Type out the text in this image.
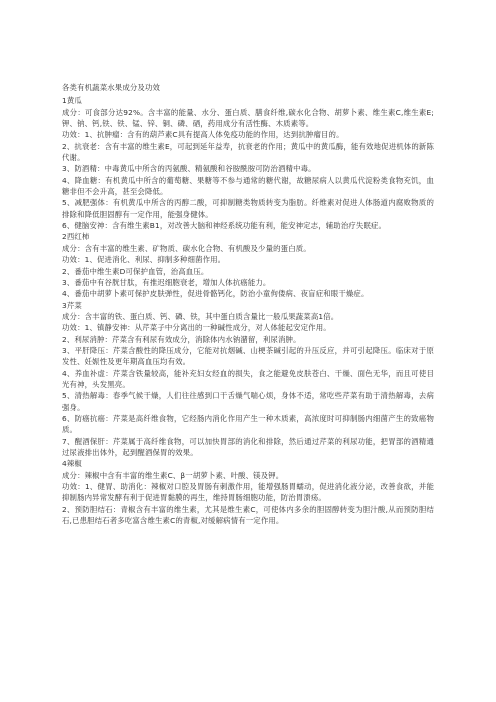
各类有机蔬菜水果成分及功效
1黄瓜
成分：可食部分达92%。含丰富的能量、水分、蛋白质、膳食纤维,碳水化合物、胡萝卜素、维生素C,维生素E;钾、钠、钙,铁、铁、锰、锌、铜、磷、硒，药用成分有活性酶、木质素等。
功效：1、抗肿瘤：含有的葫芦素C具有提高人体免疫功能的作用，达到抗肿瘤目的。
2、抗衰老：含有丰富的维生素E，可起到延年益寿，抗衰老的作用；黄瓜中的黄瓜酶，能有效地促进机体的新陈代谢。
3、防酒精：中毒黄瓜中所含的丙氨酸、精氨酸和谷胺酰胺可防治酒精中毒。
4、降血糖：有机黄瓜中所含的葡萄糖、果糖等不参与通常的糖代谢，故糖尿病人以黄瓜代淀粉类食物充饥，血糖非但不会升高，甚至会降低。
5、减肥强体：有机黄瓜中所含的丙醇二酸，可抑制糖类物质转变为脂肪。纤维素对促进人体肠道内腐败物质的排除和降低胆固醇有一定作用，能强身健体。
6、健脑安神：含有维生素B1，对改善大脑和神经系统功能有利，能安神定志，辅助治疗失眠症。
2西红柿
成分：含有丰富的维生素、矿物质、碳水化合物、有机酸及少量的蛋白质。
功效：1、促进消化、利尿、抑制多种细菌作用。
2、番茄中维生素D可保护血管，治高血压。
3、番茄中有谷胱甘肽，有推迟细胞衰老，增加人体抗癌能力。
4、番茄中胡萝卜素可保护皮肤弹性，促进骨骼钙化，防治小童佝偻病、夜盲症和眼干燥症。
3芹菜
成分：含丰富的铁、蛋白质、钙、磷、铁，其中蛋白质含量比一般瓜果蔬菜高1倍。
功效：1、镇静安神：从芹菜子中分离出的一种碱性成分，对人体能起安定作用。
2、利尿消肿：芹菜含有利尿有效成分，消除体内水钠潴留，利尿消肿。
3、平肝降压：芹菜含酸性的降压成分，它能对抗烟碱、山梗茶碱引起的升压反应，并可引起降压。临床对于原发性、妊娠性及更年期高血压均有效。
4、养血补虚：芹菜含铁量较高，能补充妇女经血的损失，食之能避免皮肤苍白、干燥、面色无华，而且可使目光有神，头发黑亮。
5、清热解毒：春季气候干燥，人们往往感到口干舌燥气喘心烦，身体不适，常吃些芹菜有助于清热解毒，去病强身。
6、防癌抗癌：芹菜是高纤维食物，它经肠内消化作用产生一种木质素，高浓度时可抑制肠内细菌产生的致癌物质。
7、醒酒保肝：芹菜属于高纤维食物，可以加快胃部的消化和排除，然后通过芹菜的利尿功能，把胃部的酒精通过尿液排出体外，起到醒酒保胃的效果。
4辣椒
成分：辣椒中含有丰富的维生素C、β一胡萝卜素、叶酸、镁及钾。
功效：1、健胃、助消化：辣椒对口腔及胃肠有刺激作用，能增强肠胃蠕动，促进消化液分泌，改善食欲，并能抑制肠内异常发酵有利于促进胃黏膜的再生，维持胃肠细胞功能，防治胃溃疡。
2、预防胆结石：青椒含有丰富的维生素，尤其是维生素C，可使体内多余的胆固醇转变为胆汁酸,从而预防胆结石,已患胆结石者多吃富含维生素C的青椒,对缓解病情有一定作用。
